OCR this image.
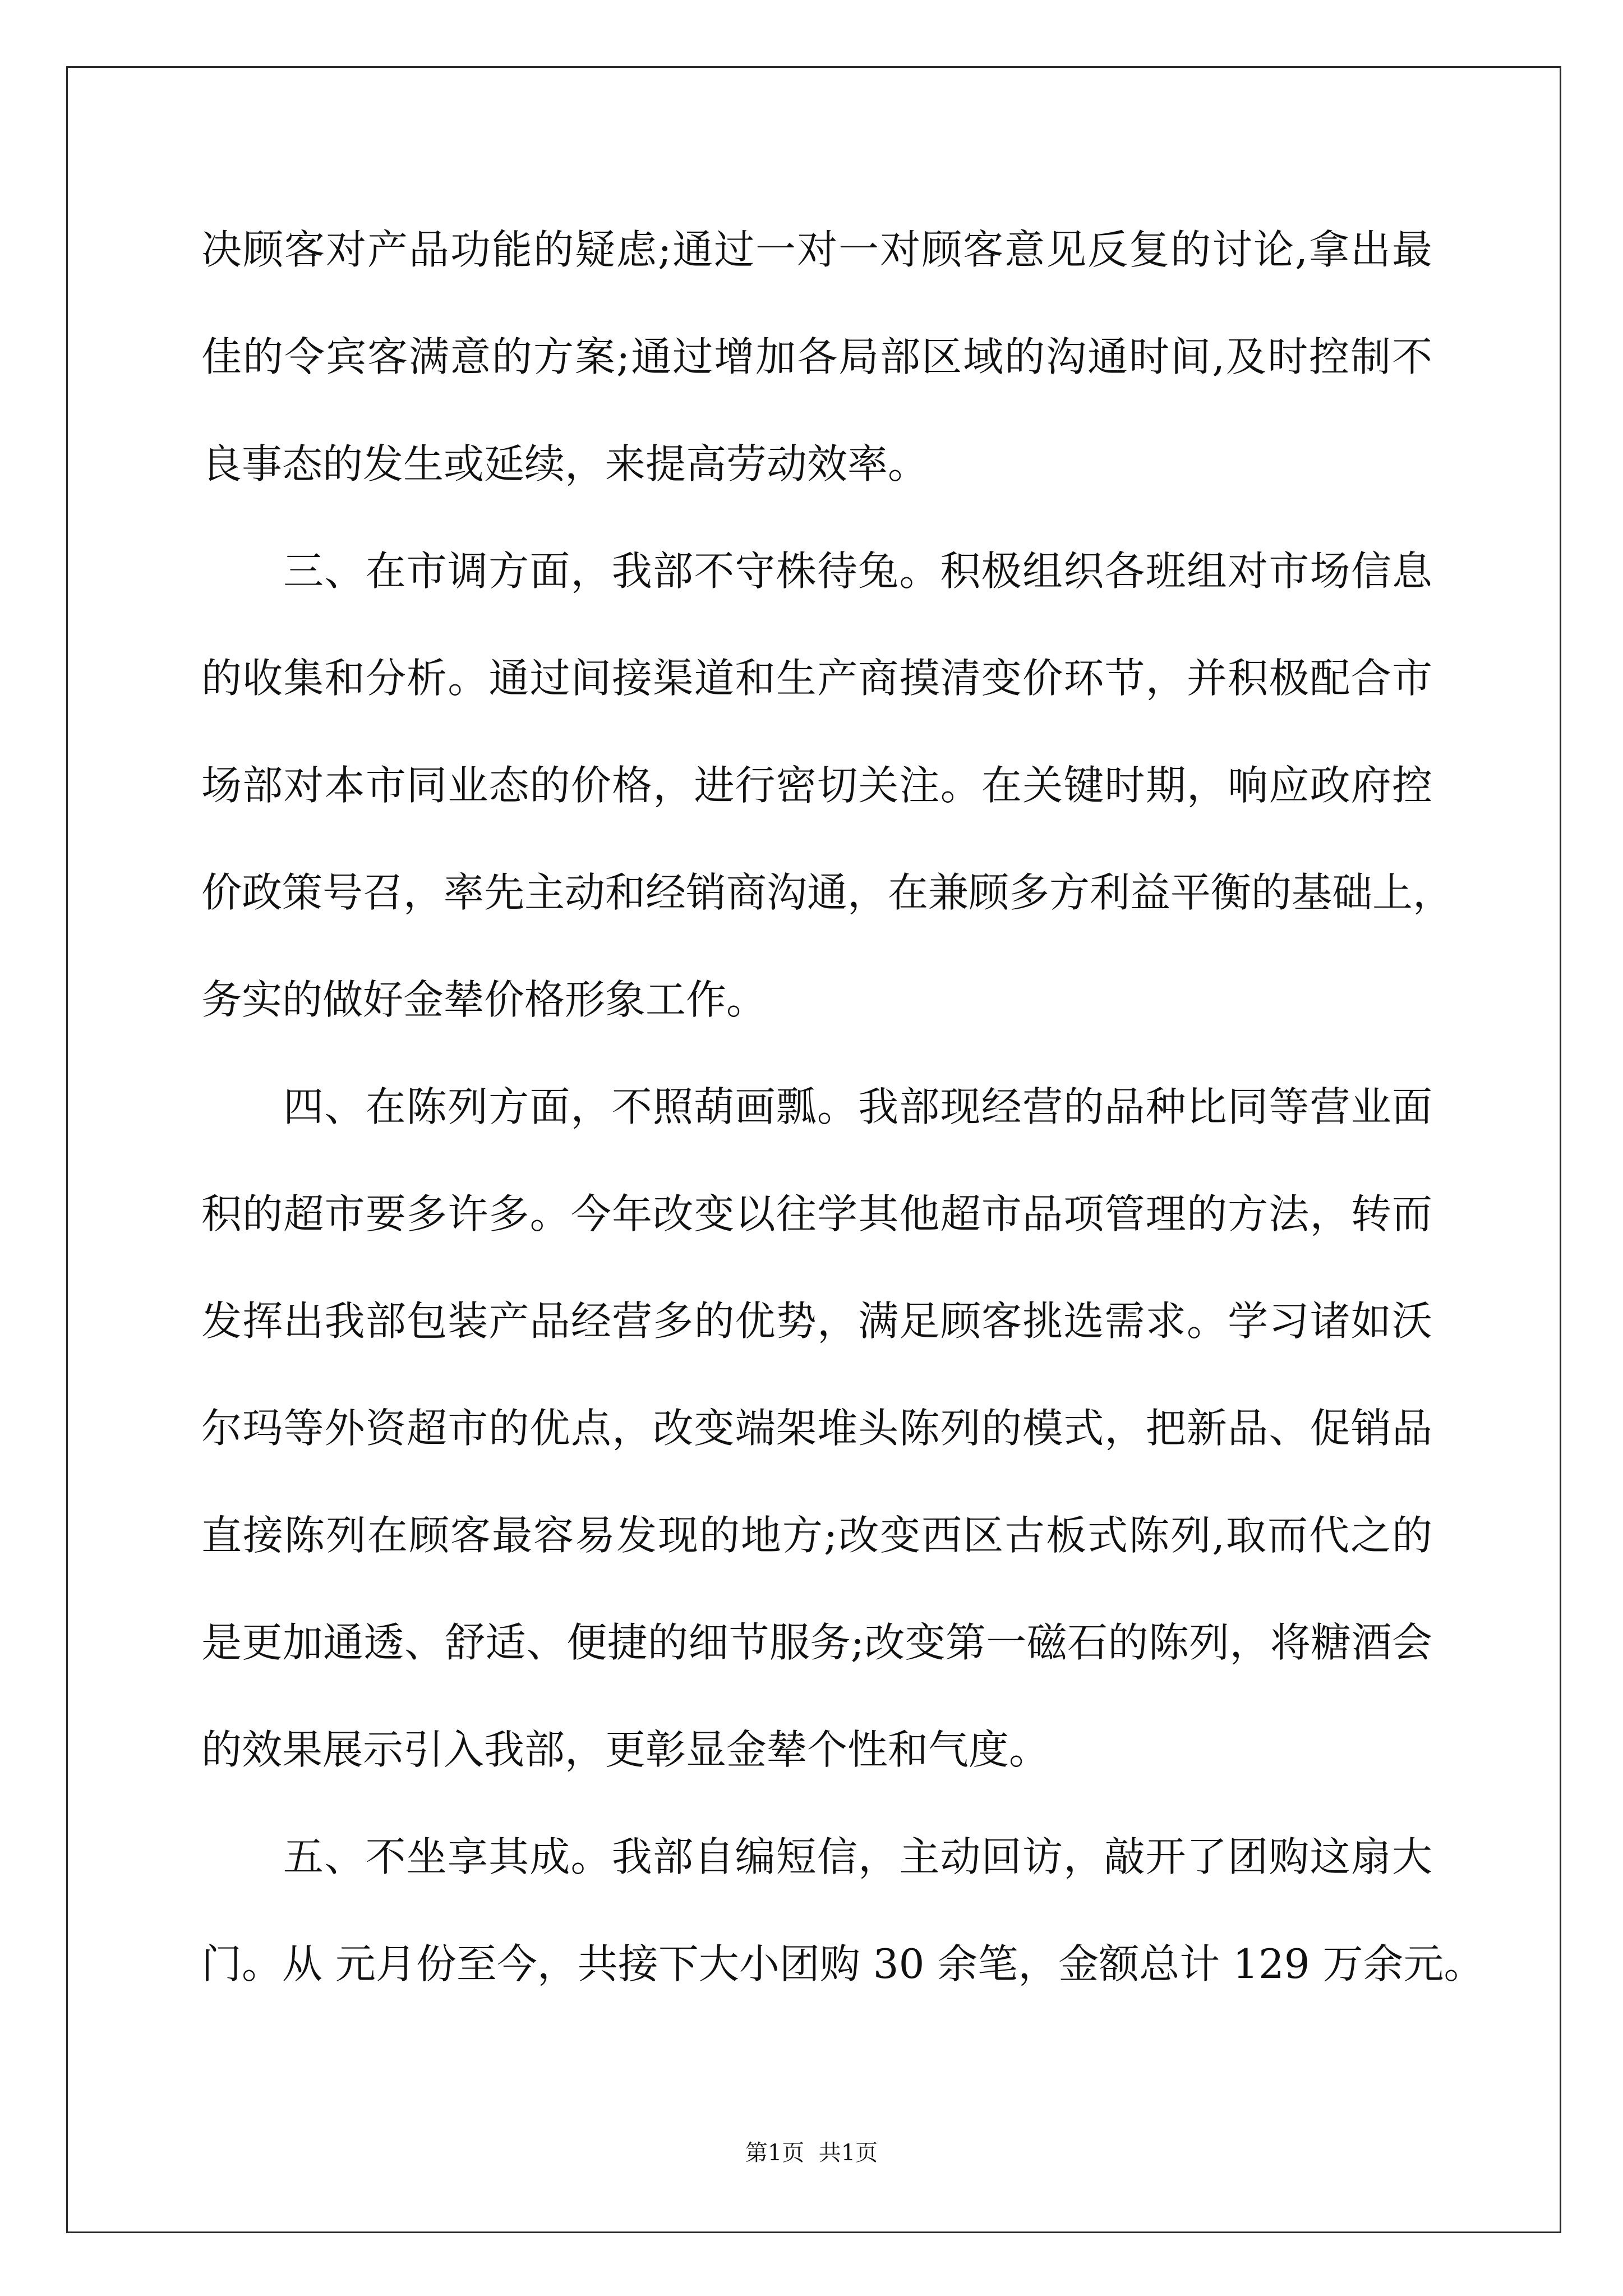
决顾客对产品功能的疑虑;通过一对一对顾客意见反复的讨论,拿出最
佳的令宾客满意的方案;通过增加各局部区域的沟通时间,及时控制不
良事态的发生或延续，来提高劳动效率。
三、在市调方面，我部不守株待兔。积极组织各班组对市场信息
的收集和分析。通过间接渠道和生产商摸清变价环节，并积极配合市
场部对本市同业态的价格，进行密切关注。在关键时期，响应政府控
价政策号召，率先主动和经销商沟通，在兼顾多方利益平衡的基础上，
务实的做好金辇价格形象工作。
四、在陈列方面，不照葫画瓢。我部现经营的品种比同等营业面
积的超市要多许多。今年改变以往学其他超市品项管理的方法，转而
发挥出我部包装产品经营多的优势，满足顾客挑选需求。学习诸如沃
尔玛等外资超市的优点，改变端架堆头陈列的模式，把新品、促销品
直接陈列在顾客最容易发现的地方;改变西区古板式陈列,取而代之的
是更加通透、舒适、便捷的细节服务;改变第一磁石的陈列，将糖酒会
的效果展示引入我部，更彰显金辇个性和气度。
五、不坐享其成。我部自编短信，主动回访，敲开了团购这扇大
门。从 元月份至今，共接下大小团购 30 余笔，金额总计 129 万余元。
第1页  共1页
